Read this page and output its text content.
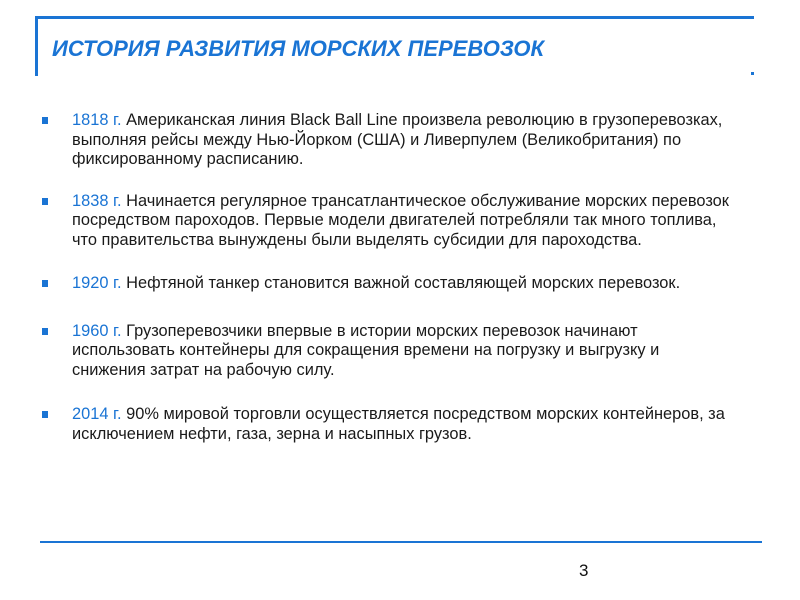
ИСТОРИЯ РАЗВИТИЯ МОРСКИХ ПЕРЕВОЗОК
1818 г. Американская линия Black Ball Line произвела революцию в грузоперевозках, выполняя рейсы между Нью-Йорком (США) и Ливерпулем (Великобритания) по фиксированному расписанию.
1838 г. Начинается регулярное трансатлантическое обслуживание морских перевозок посредством пароходов. Первые модели двигателей потребляли так много топлива, что правительства вынуждены были выделять субсидии для пароходства.
1920 г. Нефтяной танкер становится важной составляющей морских перевозок.
1960 г. Грузоперевозчики впервые в истории морских перевозок начинают использовать контейнеры для сокращения времени на погрузку и выгрузку и снижения затрат на рабочую силу.
2014 г. 90% мировой торговли осуществляется посредством морских контейнеров, за исключением нефти, газа, зерна и насыпных грузов.
3
